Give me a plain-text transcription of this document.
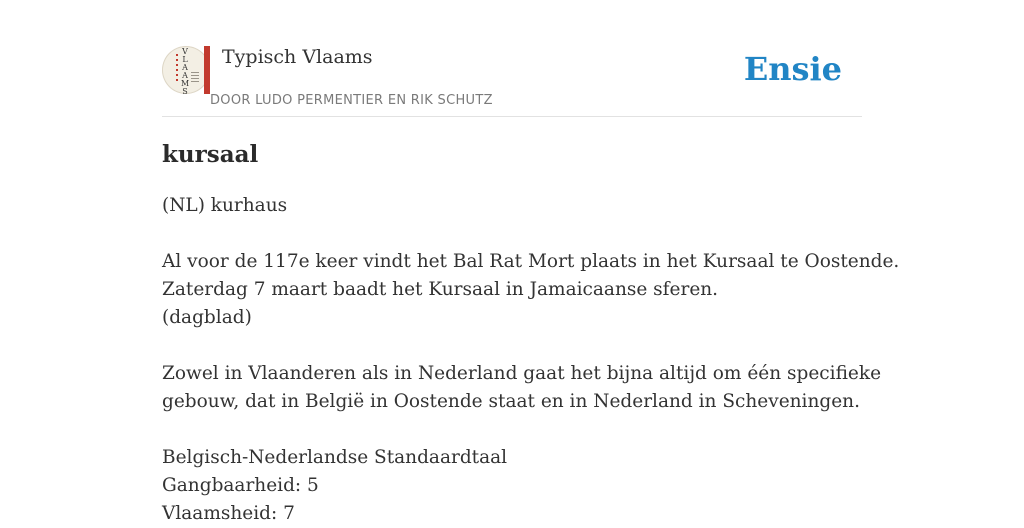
V
L
A
A
M
S
Typisch Vlaams
DOOR LUDO PERMENTIER EN RIK SCHUTZ
Ensie
kursaal
(NL) kurhaus
Al voor de 117e keer vindt het Bal Rat Mort plaats in het Kursaal te Oostende.
Zaterdag 7 maart baadt het Kursaal in Jamaicaanse sferen.
(dagblad)
Zowel in Vlaanderen als in Nederland gaat het bijna altijd om één specifieke
gebouw, dat in België in Oostende staat en in Nederland in Scheveningen.
Belgisch-Nederlandse Standaardtaal
Gangbaarheid: 5
Vlaamsheid: 7
